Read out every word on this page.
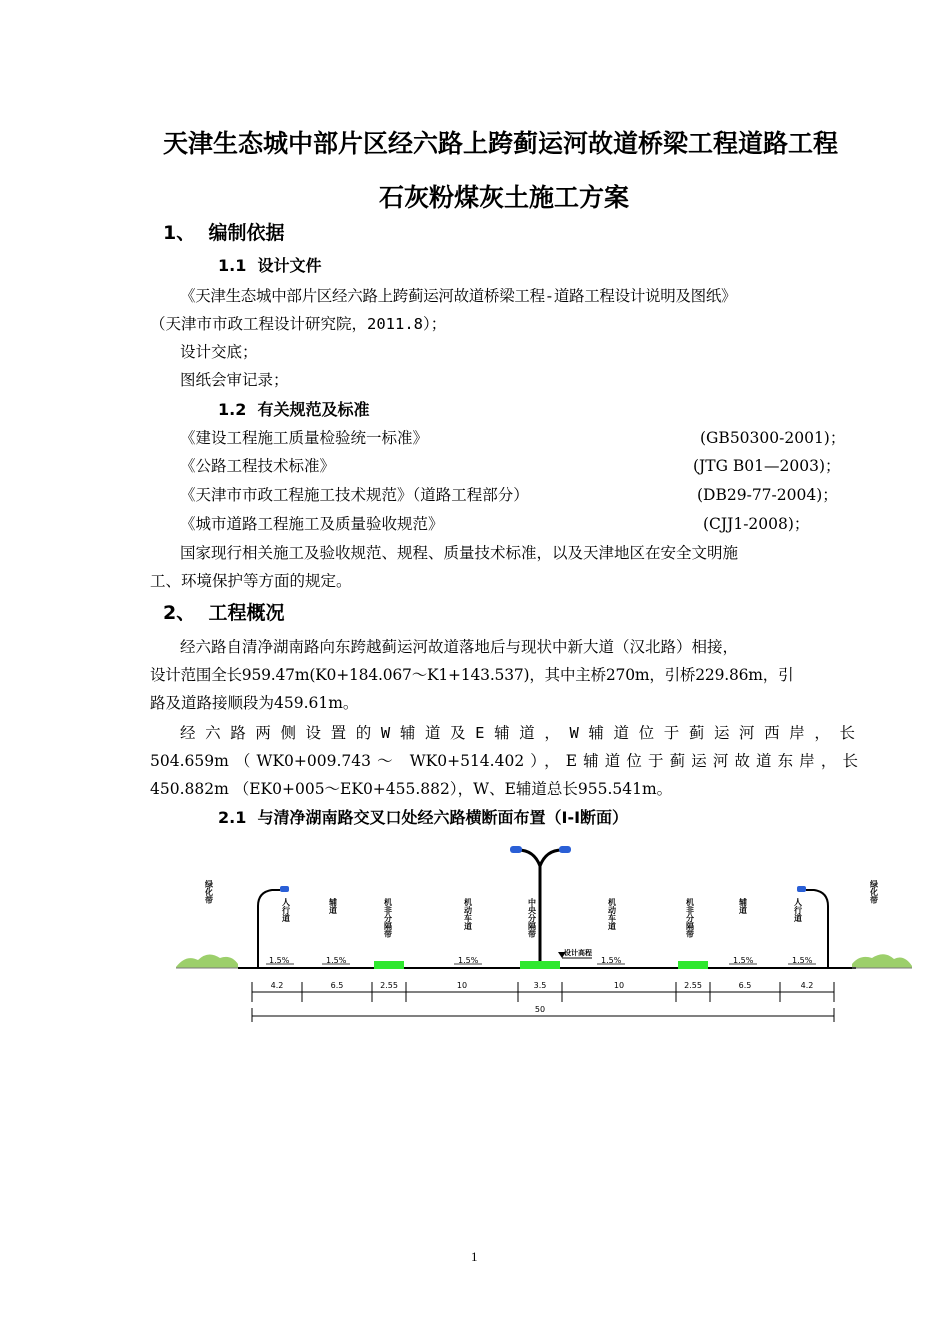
天津生态城中部片区经六路上跨蓟运河故道桥梁工程道路工程
石灰粉煤灰土施工方案
1、  编制依据
1.1  设计文件
《天津生态城中部片区经六路上跨蓟运河故道桥梁工程-道路工程设计说明及图纸》
（天津市市政工程设计研究院，2011.8）；
设计交底；
图纸会审记录；
1.2  有关规范及标准
《建设工程施工质量检验统一标准》	(GB50300-2001)；
《公路工程技术标准》	(JTG B01—2003)；
《天津市市政工程施工技术规范》（道路工程部分）	(DB29-77-2004)；
《城市道路工程施工及质量验收规范》	(CJJ1-2008)；
国家现行相关施工及验收规范、规程、质量技术标准，以及天津地区在安全文明施
工、环境保护等方面的规定。
2、  工程概况
经六路自清净湖南路向东跨越蓟运河故道落地后与现状中新大道（汉北路）相接，
设计范围全长959.47m(K0+184.067～K1+143.537)，其中主桥270m，引桥229.86m，引
路及道路接顺段为459.61m。
经六路两侧设置的W辅道及E辅道，W辅道位于蓟运河西岸，长
504.659m（WK0+009.743～ WK0+514.402），E辅道位于蓟运河故道东岸，长
450.882m （EK0+005～EK0+455.882），W、E辅道总长955.541m。
2.1  与清净湖南路交叉口处经六路横断面布置（Ⅰ-Ⅰ断面）
设计高程
1.5%	1.5%	1.5%	1.5%	1.5%	1.5%
绿化带
人行道	辅道	机非分隔带	机动车道	中央分隔带	机动车道	机非分隔带	辅道	人行道
绿化带
4.2	6.5	2.55	10	3.5	10	2.55	6.5	4.2
50
1
